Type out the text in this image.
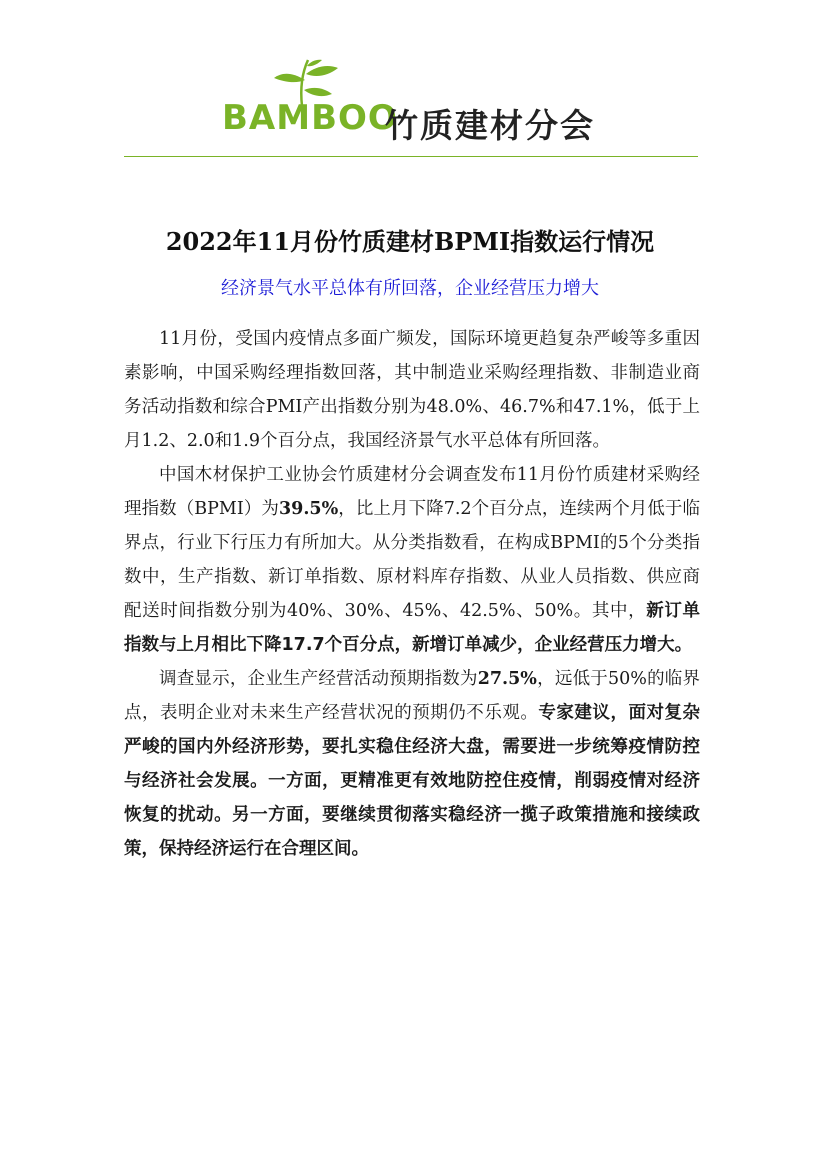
BAMBOO
竹质建材分会
2022年11月份竹质建材BPMI指数运行情况
经济景气水平总体有所回落，企业经营压力增大

11月份，受国内疫情点多面广频发，国际环境更趋复杂严峻等多重因素影响，中国采购经理指数回落，其中制造业采购经理指数、非制造业商务活动指数和综合PMI产出指数分别为48.0%、46.7%和47.1%，低于上月1.2、2.0和1.9个百分点，我国经济景气水平总体有所回落。

中国木材保护工业协会竹质建材分会调查发布11月份竹质建材采购经理指数（BPMI）为39.5%，比上月下降7.2个百分点，连续两个月低于临界点，行业下行压力有所加大。从分类指数看，在构成BPMI的5个分类指数中，生产指数、新订单指数、原材料库存指数、从业人员指数、供应商配送时间指数分别为40%、30%、45%、42.5%、50%。其中，新订单指数与上月相比下降17.7个百分点，新增订单减少，企业经营压力增大。

调查显示，企业生产经营活动预期指数为27.5%，远低于50%的临界点，表明企业对未来生产经营状况的预期仍不乐观。专家建议，面对复杂严峻的国内外经济形势，要扎实稳住经济大盘，需要进一步统筹疫情防控与经济社会发展。一方面，更精准更有效地防控住疫情，削弱疫情对经济恢复的扰动。另一方面，要继续贯彻落实稳经济一揽子政策措施和接续政策，保持经济运行在合理区间。
